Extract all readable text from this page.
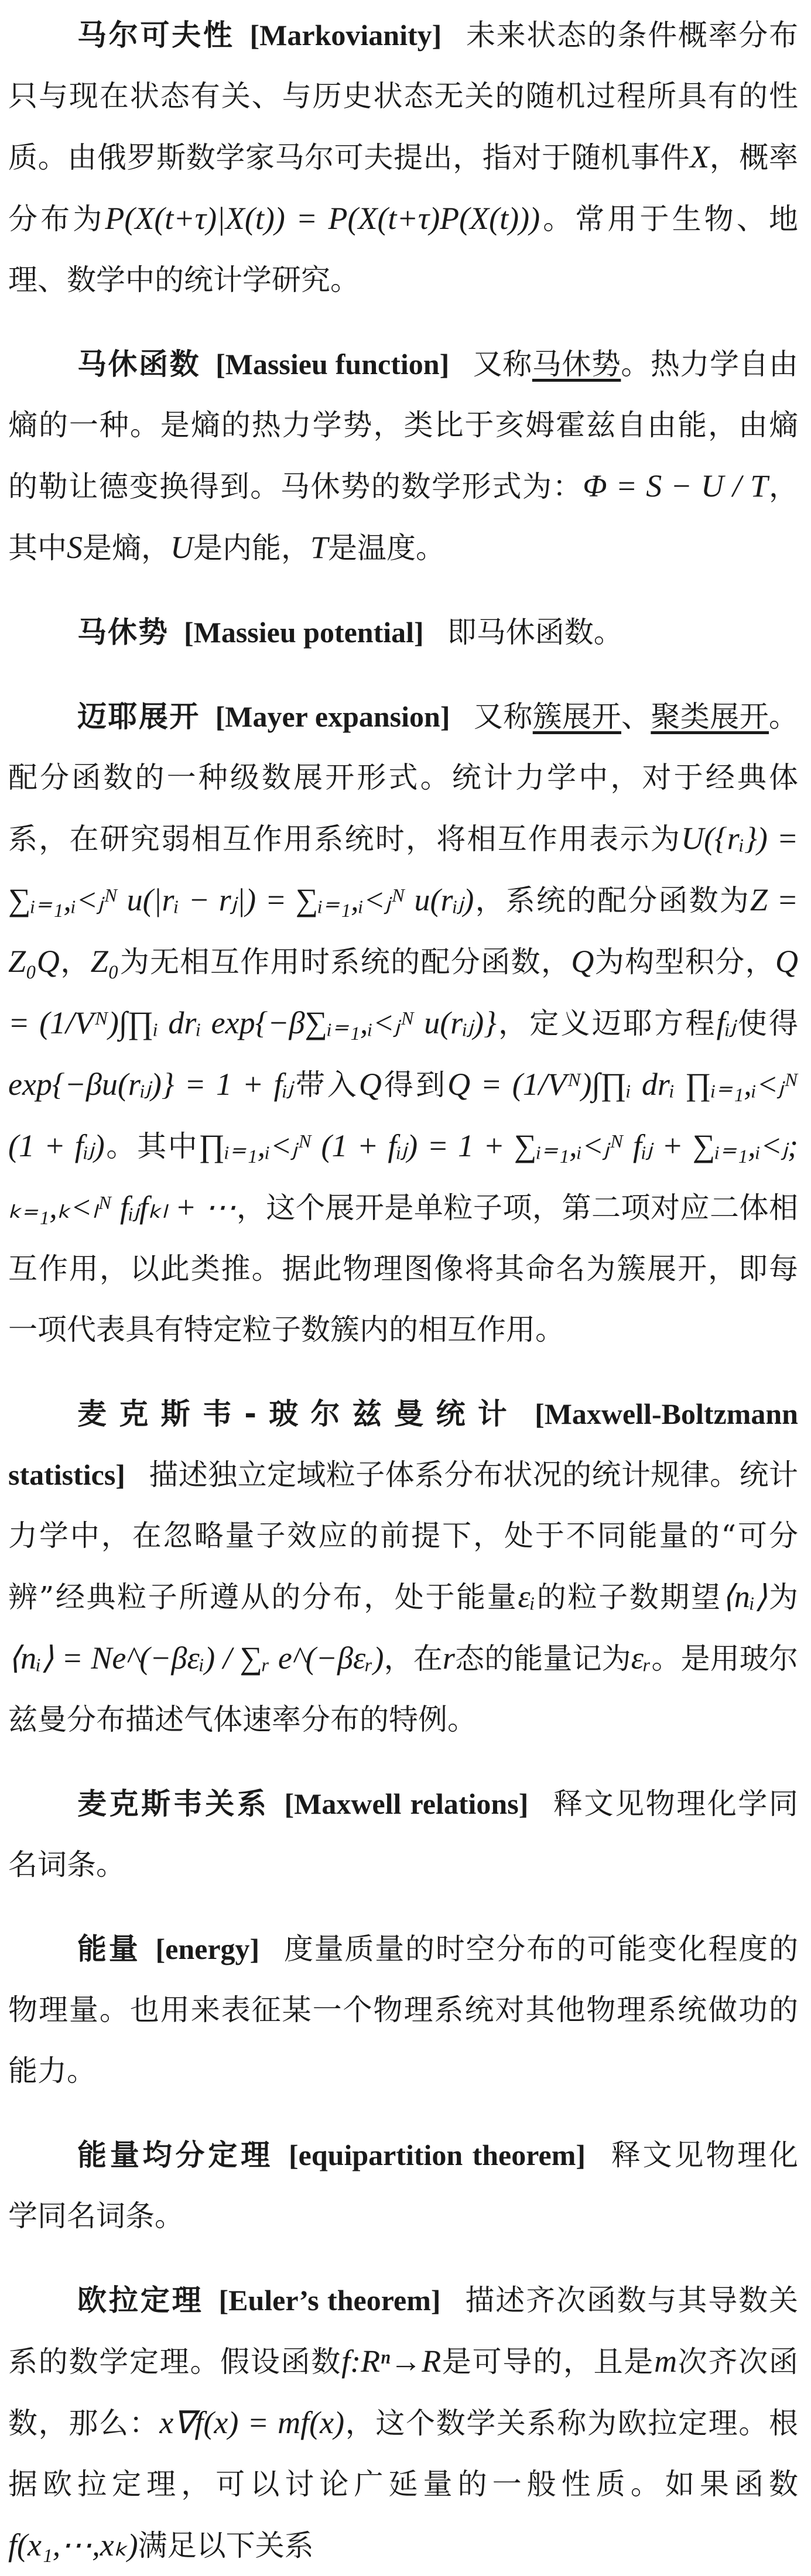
马尔可夫性 [Markovianity] 未来状态的条件概率分布只与现在状态有关、与历史状态无关的随机过程所具有的性质。由俄罗斯数学家马尔可夫提出，指对于随机事件X，概率分布为P(X(t+τ)|X(t)) = P(X(t+τ)P(X(t)))。常用于生物、地理、数学中的统计学研究。

马休函数 [Massieu function] 又称马休势。热力学自由熵的一种。是熵的热力学势，类比于亥姆霍兹自由能，由熵的勒让德变换得到。马休势的数学形式为：Φ = S − U / T，其中S是熵，U是内能，T是温度。

马休势 [Massieu potential] 即马休函数。

迈耶展开 [Mayer expansion] 又称簇展开、聚类展开。配分函数的一种级数展开形式。统计力学中，对于经典体系，在研究弱相互作用系统时，将相互作用表示为U({rᵢ}) = ∑ᵢ₌₁,ᵢ<ⱼᴺ u(|rᵢ − rⱼ|) = ∑ᵢ₌₁,ᵢ<ⱼᴺ u(rᵢⱼ)，系统的配分函数为Z = Z₀Q，Z₀为无相互作用时系统的配分函数，Q为构型积分，Q = (1/Vᴺ)∫∏ᵢ drᵢ exp{−β∑ᵢ₌₁,ᵢ<ⱼᴺ u(rᵢⱼ)}，定义迈耶方程fᵢⱼ使得exp{−βu(rᵢⱼ)} = 1 + fᵢⱼ带入Q得到Q = (1/Vᴺ)∫∏ᵢ drᵢ ∏ᵢ₌₁,ᵢ<ⱼᴺ (1 + fᵢⱼ)。其中∏ᵢ₌₁,ᵢ<ⱼᴺ (1 + fᵢⱼ) = 1 + ∑ᵢ₌₁,ᵢ<ⱼᴺ fᵢⱼ + ∑ᵢ₌₁,ᵢ<ⱼ; ₖ₌₁,ₖ<ₗᴺ fᵢⱼfₖₗ + ⋯，这个展开是单粒子项，第二项对应二体相互作用，以此类推。据此物理图像将其命名为簇展开，即每一项代表具有特定粒子数簇内的相互作用。

麦克斯韦-玻尔兹曼统计 [Maxwell-Boltzmann statistics] 描述独立定域粒子体系分布状况的统计规律。统计力学中，在忽略量子效应的前提下，处于不同能量的“可分辨”经典粒子所遵从的分布，处于能量εᵢ的粒子数期望⟨nᵢ⟩为⟨nᵢ⟩ = Ne^(−βεᵢ) / ∑ᵣ e^(−βεᵣ)，在r态的能量记为εᵣ。是用玻尔兹曼分布描述气体速率分布的特例。

麦克斯韦关系 [Maxwell relations] 释文见物理化学同名词条。

能量 [energy] 度量质量的时空分布的可能变化程度的物理量。也用来表征某一个物理系统对其他物理系统做功的能力。

能量均分定理 [equipartition theorem] 释文见物理化学同名词条。

欧拉定理 [Euler’s theorem] 描述齐次函数与其导数关系的数学定理。假设函数f:Rⁿ→R是可导的，且是m次齐次函数，那么：x∇f(x) = mf(x)，这个数学关系称为欧拉定理。根据欧拉定理，可以讨论广延量的一般性质。如果函数f(x₁,⋯,xₖ)满足以下关系
